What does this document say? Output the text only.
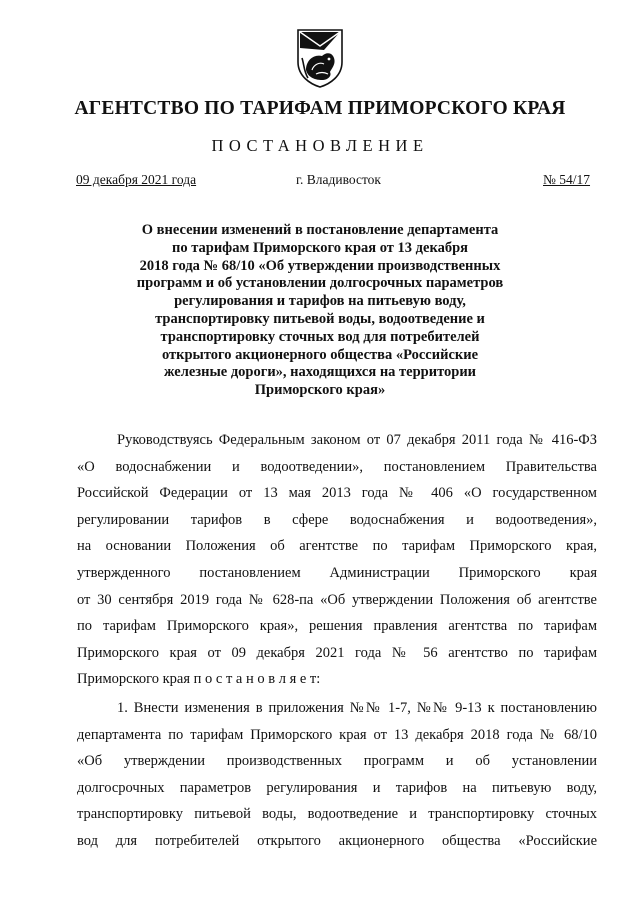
АГЕНТСТВО ПО ТАРИФАМ ПРИМОРСКОГО КРАЯ
ПОСТАНОВЛЕНИЕ
09 декабря 2021 года	г. Владивосток	№ 54/17
О внесении изменений в постановление департамента
по тарифам Приморского края от 13 декабря
2018 года № 68/10 «Об утверждении производственных
программ и об установлении долгосрочных параметров
регулирования и тарифов на питьевую воду,
транспортировку питьевой воды, водоотведение и
транспортировку сточных вод для потребителей
открытого акционерного общества «Российские
железные дороги», находящихся на территории
Приморского края»
Руководствуясь Федеральным законом от 07 декабря 2011 года № 416-ФЗ
«О водоснабжении и водоотведении», постановлением Правительства
Российской Федерации от 13 мая 2013 года № 406 «О государственном
регулировании тарифов в сфере водоснабжения и водоотведения»,
на основании Положения об агентстве по тарифам Приморского края,
утвержденного постановлением Администрации Приморского края
от 30 сентября 2019 года № 628-па «Об утверждении Положения об агентстве
по тарифам Приморского края», решения правления агентства по тарифам
Приморского края от 09 декабря 2021 года № 56 агентство по тарифам
Приморского края п о с т а н о в л я е т:
1. Внести изменения в приложения №№ 1-7, №№ 9-13 к постановлению
департамента по тарифам Приморского края от 13 декабря 2018 года № 68/10
«Об утверждении производственных программ и об установлении
долгосрочных параметров регулирования и тарифов на питьевую воду,
транспортировку питьевой воды, водоотведение и транспортировку сточных
вод для потребителей открытого акционерного общества «Российские
